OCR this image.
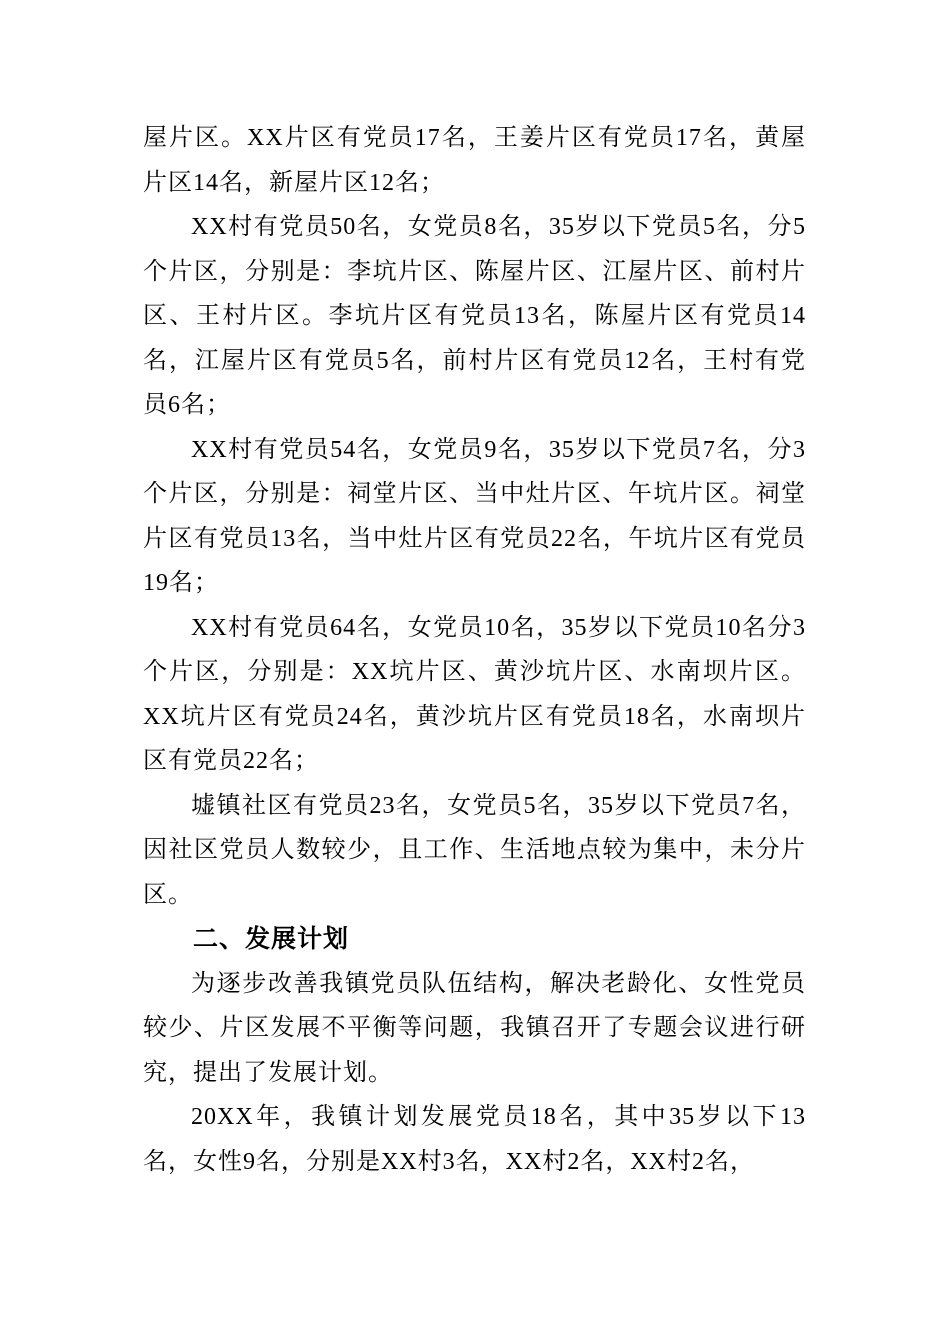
屋片区。XX片区有党员17名，王姜片区有党员17名，黄屋片区14名，新屋片区12名；

XX村有党员50名，女党员8名，35岁以下党员5名，分5个片区，分别是：李坑片区、陈屋片区、江屋片区、前村片区、王村片区。李坑片区有党员13名，陈屋片区有党员14名，江屋片区有党员5名，前村片区有党员12名，王村有党员6名；

XX村有党员54名，女党员9名，35岁以下党员7名，分3个片区，分别是：祠堂片区、当中灶片区、午坑片区。祠堂片区有党员13名，当中灶片区有党员22名，午坑片区有党员19名；

XX村有党员64名，女党员10名，35岁以下党员10名分3个片区，分别是：XX坑片区、黄沙坑片区、水南坝片区。XX坑片区有党员24名，黄沙坑片区有党员18名，水南坝片区有党员22名；

墟镇社区有党员23名，女党员5名，35岁以下党员7名，因社区党员人数较少，且工作、生活地点较为集中，未分片区。

二、发展计划

为逐步改善我镇党员队伍结构，解决老龄化、女性党员较少、片区发展不平衡等问题，我镇召开了专题会议进行研究，提出了发展计划。

20XX年，我镇计划发展党员18名，其中35岁以下13名，女性9名，分别是XX村3名，XX村2名，XX村2名，
